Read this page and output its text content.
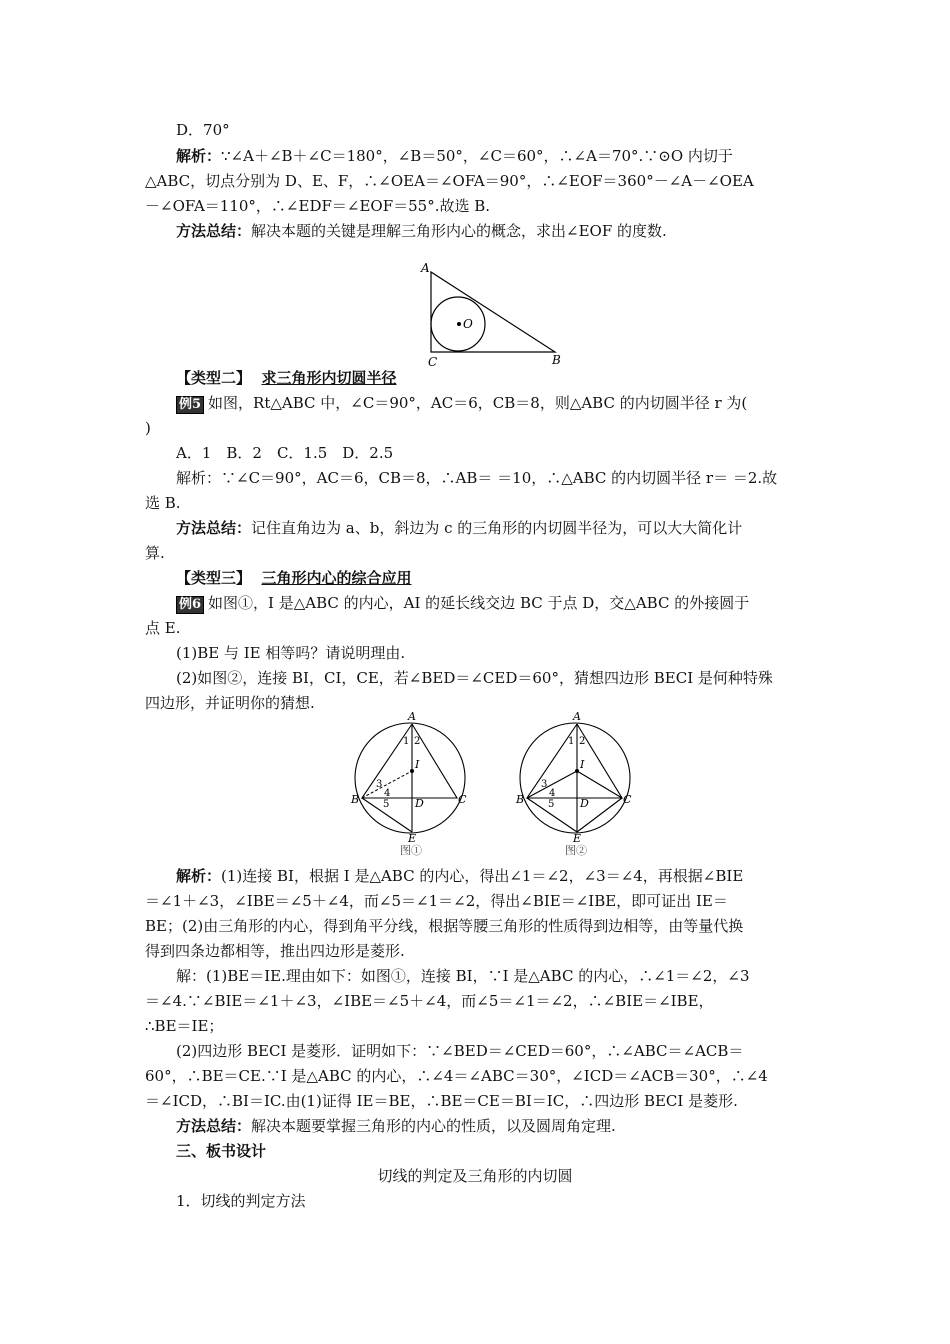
D．70°
解析：∵∠A＋∠B＋∠C＝180°，∠B＝50°，∠C＝60°，∴∠A＝70°.∵⊙O 内切于
△ABC，切点分别为 D、E、F，∴∠OEA＝∠OFA＝90°，∴∠EOF＝360°－∠A－∠OEA
－∠OFA＝110°，∴∠EDF＝∠EOF＝55°.故选 B.
方法总结：解决本题的关键是理解三角形内心的概念，求出∠EOF 的度数.
A
C	B
O
【类型二】 求三角形内切圆半径
例5 如图，Rt△ABC 中，∠C＝90°，AC＝6，CB＝8，则△ABC 的内切圆半径 r 为(
)
A．1　B．2　C．1.5　D．2.5
解析：∵∠C＝90°，AC＝6，CB＝8，∴AB＝ ＝10，∴△ABC 的内切圆半径 r＝ ＝2.故
选 B.
方法总结：记住直角边为 a、b，斜边为 c 的三角形的内切圆半径为，可以大大简化计
算.
【类型三】 三角形内心的综合应用
例6 如图①，I 是△ABC 的内心，AI 的延长线交边 BC 于点 D，交△ABC 的外接圆于
点 E.
(1)BE 与 IE 相等吗？请说明理由.
(2)如图②，连接 BI，CI，CE，若∠BED＝∠CED＝60°，猜想四边形 BECI 是何种特殊
四边形，并证明你的猜想.
A
1 2
I
3
4
5
B	D	C
E
图①
A
1 2
I
3
4
5
B	D	C
E
图②
解析：(1)连接 BI，根据 I 是△ABC 的内心，得出∠1＝∠2，∠3＝∠4，再根据∠BIE
＝∠1＋∠3，∠IBE＝∠5＋∠4，而∠5＝∠1＝∠2，得出∠BIE＝∠IBE，即可证出 IE＝
BE；(2)由三角形的内心，得到角平分线，根据等腰三角形的性质得到边相等，由等量代换
得到四条边都相等，推出四边形是菱形.
解：(1)BE＝IE.理由如下：如图①，连接 BI，∵I 是△ABC 的内心，∴∠1＝∠2，∠3
＝∠4.∵∠BIE＝∠1＋∠3，∠IBE＝∠5＋∠4，而∠5＝∠1＝∠2，∴∠BIE＝∠IBE，
∴BE＝IE；
(2)四边形 BECI 是菱形．证明如下：∵∠BED＝∠CED＝60°，∴∠ABC＝∠ACB＝
60°，∴BE＝CE.∵I 是△ABC 的内心，∴∠4＝∠ABC＝30°，∠ICD＝∠ACB＝30°，∴∠4
＝∠ICD，∴BI＝IC.由(1)证得 IE＝BE，∴BE＝CE＝BI＝IC，∴四边形 BECI 是菱形.
方法总结：解决本题要掌握三角形的内心的性质，以及圆周角定理.
三、板书设计
切线的判定及三角形的内切圆
1．切线的判定方法
